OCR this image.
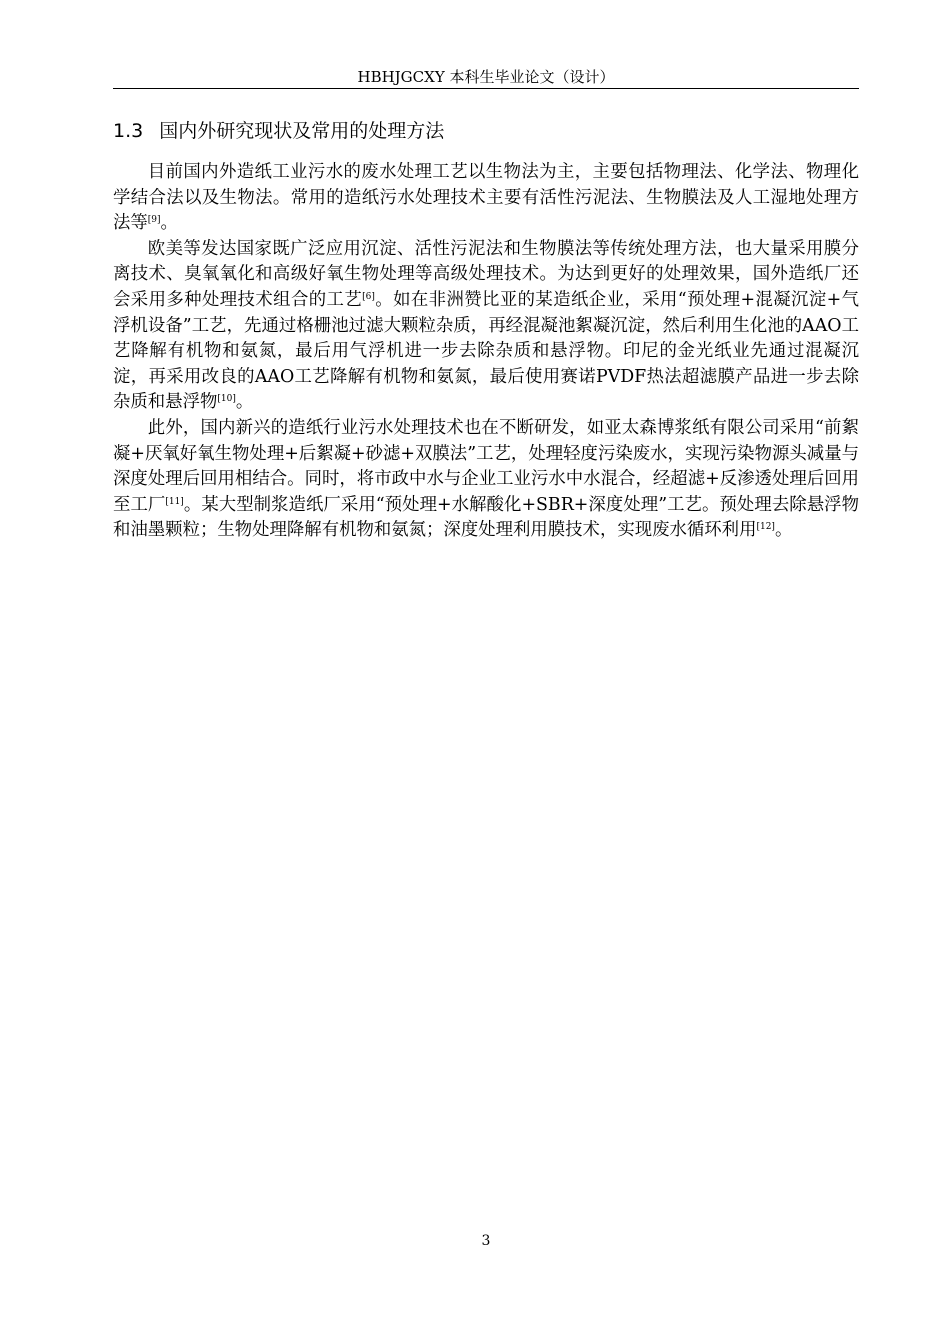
HBHJGCXY 本科生毕业论文（设计）
1.3 国内外研究现状及常用的处理方法

目前国内外造纸工业污水的废水处理工艺以生物法为主，主要包括物理法、化学法、物理化学结合法以及生物法。常用的造纸污水处理技术主要有活性污泥法、生物膜法及人工湿地处理方法等[9]。

欧美等发达国家既广泛应用沉淀、活性污泥法和生物膜法等传统处理方法，也大量采用膜分离技术、臭氧氧化和高级好氧生物处理等高级处理技术。为达到更好的处理效果，国外造纸厂还会采用多种处理技术组合的工艺[6]。如在非洲赞比亚的某造纸企业，采用“预处理+混凝沉淀+气浮机设备”工艺，先通过格栅池过滤大颗粒杂质，再经混凝池絮凝沉淀，然后利用生化池的AAO工艺降解有机物和氨氮，最后用气浮机进一步去除杂质和悬浮物。印尼的金光纸业先通过混凝沉淀，再采用改良的AAO工艺降解有机物和氨氮，最后使用赛诺PVDF热法超滤膜产品进一步去除杂质和悬浮物[10]。

此外，国内新兴的造纸行业污水处理技术也在不断研发，如亚太森博浆纸有限公司采用“前絮凝+厌氧好氧生物处理+后絮凝+砂滤+双膜法”工艺，处理轻度污染废水，实现污染物源头减量与深度处理后回用相结合。同时，将市政中水与企业工业污水中水混合，经超滤+反渗透处理后回用至工厂[11]。某大型制浆造纸厂采用“预处理+水解酸化+SBR+深度处理”工艺。预处理去除悬浮物和油墨颗粒；生物处理降解有机物和氨氮；深度处理利用膜技术，实现废水循环利用[12]。

3
